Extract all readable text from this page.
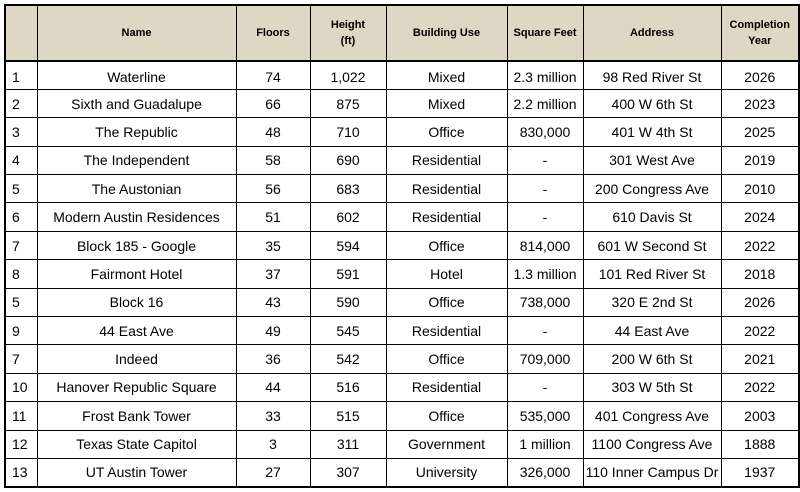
	Name	Floors	Height (ft)	Building Use	Square Feet	Address	Completion Year

1	Waterline	74	1,022	Mixed	2.3 million	98 Red River St	2026
2	Sixth and Guadalupe	66	875	Mixed	2.2 million	400 W 6th St	2023
3	The Republic	48	710	Office	830,000	401 W 4th St	2025
4	The Independent	58	690	Residential	-	301 West Ave	2019
5	The Austonian	56	683	Residential	-	200 Congress Ave	2010
6	Modern Austin Residences	51	602	Residential	-	610 Davis St	2024
7	Block 185 - Google	35	594	Office	814,000	601 W Second St	2022
8	Fairmont Hotel	37	591	Hotel	1.3 million	101 Red River St	2018
5	Block 16	43	590	Office	738,000	320 E 2nd St	2026
9	44 East Ave	49	545	Residential	-	44 East Ave	2022
7	Indeed	36	542	Office	709,000	200 W 6th St	2021
10	Hanover Republic Square	44	516	Residential	-	303 W 5th St	2022
11	Frost Bank Tower	33	515	Office	535,000	401 Congress Ave	2003
12	Texas State Capitol	3	311	Government	1 million	1100 Congress Ave	1888
13	UT Austin Tower	27	307	University	326,000	110 Inner Campus Dr	1937
